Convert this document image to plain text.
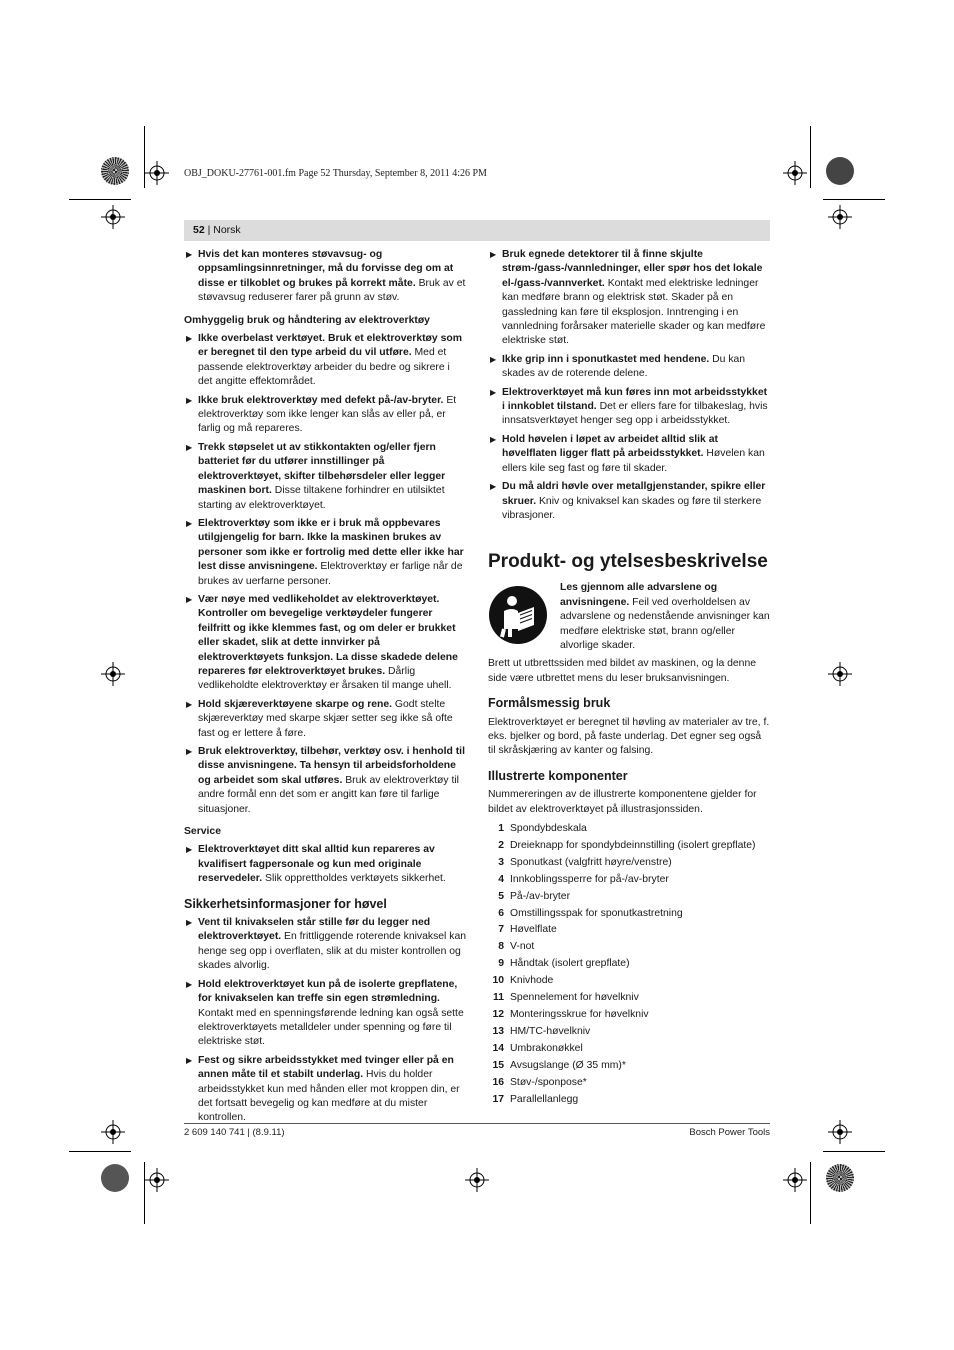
OBJ_DOKU-27761-001.fm Page 52 Thursday, September 8, 2011 4:26 PM
52 | Norsk
▶ Hvis det kan monteres støvavsug- og oppsamlingsinnretninger, må du forvisse deg om at disse er tilkoblet og brukes på korrekt måte. Bruk av et støvavsug reduserer farer på grunn av støv.
Omhyggelig bruk og håndtering av elektroverktøy
▶ Ikke overbelast verktøyet. Bruk et elektroverktøy som er beregnet til den type arbeid du vil utføre. Med et passende elektroverktøy arbeider du bedre og sikrere i det angitte effektområdet.
▶ Ikke bruk elektroverktøy med defekt på-/av-bryter. Et elektroverktøy som ikke lenger kan slås av eller på, er farlig og må repareres.
▶ Trekk støpselet ut av stikkontakten og/eller fjern batteriet før du utfører innstillinger på elektroverktøyet, skifter tilbehørsdeler eller legger maskinen bort. Disse tiltakene forhindrer en utilsiktet starting av elektroverktøyet.
▶ Elektroverktøy som ikke er i bruk må oppbevares utilgjengelig for barn. Ikke la maskinen brukes av personer som ikke er fortrolig med dette eller ikke har lest disse anvisningene. Elektroverktøy er farlige når de brukes av uerfarne personer.
▶ Vær nøye med vedlikeholdet av elektroverktøyet. Kontroller om bevegelige verktøydeler fungerer feilfritt og ikke klemmes fast, og om deler er brukket eller skadet, slik at dette innvirker på elektroverktøyets funksjon. La disse skadede delene repareres før elektroverktøyet brukes. Dårlig vedlikeholdte elektroverktøy er årsaken til mange uhell.
▶ Hold skjæreverktøyene skarpe og rene. Godt stelte skjæreverktøy med skarpe skjær setter seg ikke så ofte fast og er lettere å føre.
▶ Bruk elektroverktøy, tilbehør, verktøy osv. i henhold til disse anvisningene. Ta hensyn til arbeidsforholdene og arbeidet som skal utføres. Bruk av elektroverktøy til andre formål enn det som er angitt kan føre til farlige situasjoner.
Service
▶ Elektroverktøyet ditt skal alltid kun repareres av kvalifisert fagpersonale og kun med originale reservedeler. Slik opprettholdes verktøyets sikkerhet.
Sikkerhetsinformasjoner for høvel
▶ Vent til knivakselen står stille før du legger ned elektroverktøyet. En frittliggende roterende knivaksel kan henge seg opp i overflaten, slik at du mister kontrollen og skades alvorlig.
▶ Hold elektroverktøyet kun på de isolerte grepflatene, for knivakselen kan treffe sin egen strømledning. Kontakt med en spenningsførende ledning kan også sette elektroverktøyets metalldeler under spenning og føre til elektriske støt.
▶ Fest og sikre arbeidsstykket med tvinger eller på en annen måte til et stabilt underlag. Hvis du holder arbeidsstykket kun med hånden eller mot kroppen din, er det fortsatt bevegelig og kan medføre at du mister kontrollen.
▶ Bruk egnede detektorer til å finne skjulte strøm-/gass-/vannledninger, eller spør hos det lokale el-/gass-/vannverket. Kontakt med elektriske ledninger kan medføre brann og elektrisk støt. Skader på en gassledning kan føre til eksplosjon. Inntrenging i en vannledning forårsaker materielle skader og kan medføre elektriske støt.
▶ Ikke grip inn i sponutkastet med hendene. Du kan skades av de roterende delene.
▶ Elektroverktøyet må kun føres inn mot arbeidsstykket i innkoblet tilstand. Det er ellers fare for tilbakeslag, hvis innsatsverktøyet henger seg opp i arbeidsstykket.
▶ Hold høvelen i løpet av arbeidet alltid slik at høvelflaten ligger flatt på arbeidsstykket. Høvelen kan ellers kile seg fast og føre til skader.
▶ Du må aldri høvle over metallgjenstander, spikre eller skruer. Kniv og knivaksel kan skades og føre til sterkere vibrasjoner.
Produkt- og ytelsesbeskrivelse
Les gjennom alle advarslene og anvisningene. Feil ved overholdelsen av advarslene og nedenstående anvisninger kan medføre elektriske støt, brann og/eller alvorlige skader.
Brett ut utbrettssiden med bildet av maskinen, og la denne side være utbrettet mens du leser bruksanvisningen.
Formålsmessig bruk
Elektroverktøyet er beregnet til høvling av materialer av tre, f. eks. bjelker og bord, på faste underlag. Det egner seg også til skråskjæring av kanter og falsing.
Illustrerte komponenter
Nummereringen av de illustrerte komponentene gjelder for bildet av elektroverktøyet på illustrasjonssiden.
1 Spondybdeskala
2 Dreieknapp for spondybdeinnstilling (isolert grepflate)
3 Sponutkast (valgfritt høyre/venstre)
4 Innkoblingssperre for på-/av-bryter
5 På-/av-bryter
6 Omstillingsspak for sponutkastretning
7 Høvelflate
8 V-not
9 Håndtak (isolert grepflate)
10 Knivhode
11 Spennelement for høvelkniv
12 Monteringsskrue for høvelkniv
13 HM/TC-høvelkniv
14 Umbrakonøkkel
15 Avsugslange (Ø 35 mm)*
16 Støv-/sponpose*
17 Parallellanlegg
2 609 140 741 | (8.9.11)	Bosch Power Tools
